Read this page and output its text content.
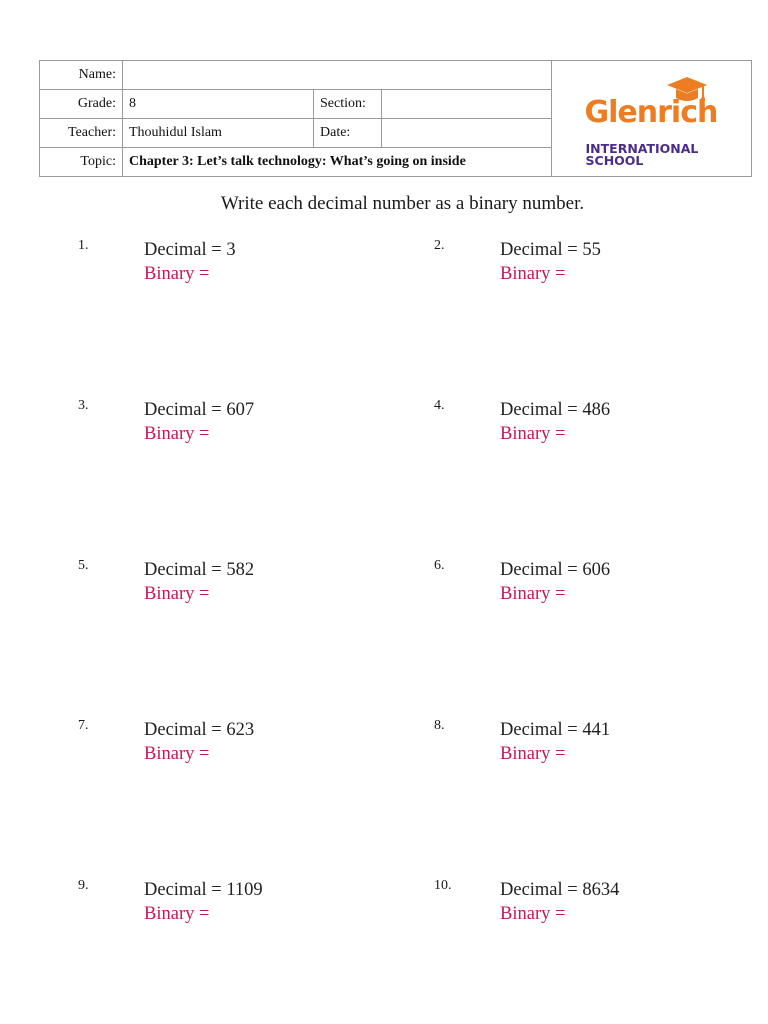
Name:				Glenrich
INTERNATIONAL
SCHOOL

Grade:	8	Section:		
Teacher:	Thouhidul Islam	Date:		
Topic:	Chapter 3: Let’s talk technology: What’s going on inside			
Write each decimal number as a binary number.
1.	Decimal = 3
Binary =
2.	Decimal = 55
Binary =
3.	Decimal = 607
Binary =
4.	Decimal = 486
Binary =
5.	Decimal = 582
Binary =
6.	Decimal = 606
Binary =
7.	Decimal = 623
Binary =
8.	Decimal = 441
Binary =
9.	Decimal = 1109
Binary =
10.	Decimal = 8634
Binary =
